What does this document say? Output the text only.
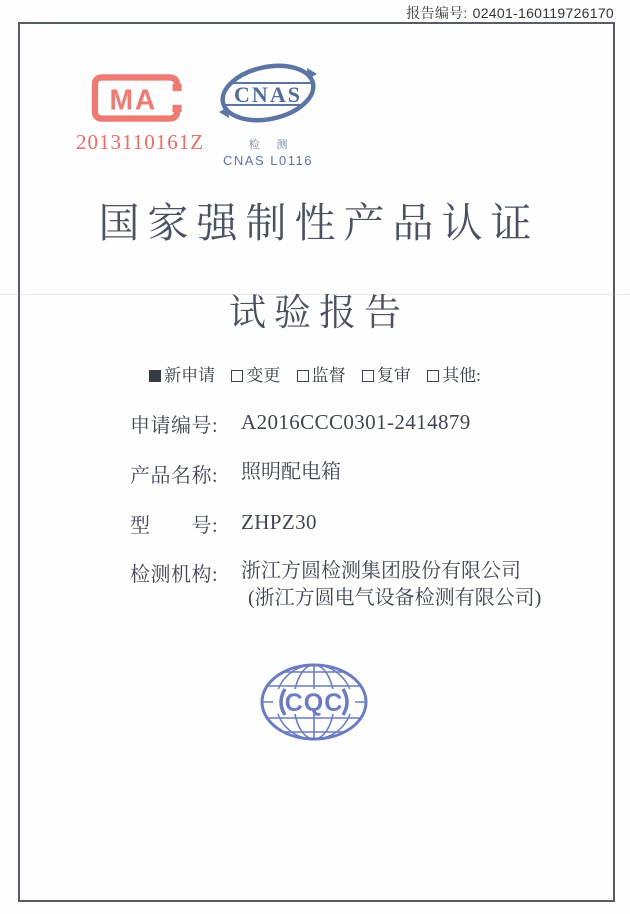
报告编号: 02401-160119726170
MA
2013110161Z
CNAS
检 测
CNAS L0116
国家强制性产品认证
试验报告
新申请 变更 监督 复审 其他:
申请编号:	A2016CCC0301-2414879
产品名称:	照明配电箱
型　　号:	ZHPZ30
检测机构:	浙江方圆检测集团股份有限公司
(浙江方圆电气设备检测有限公司)
CQC
